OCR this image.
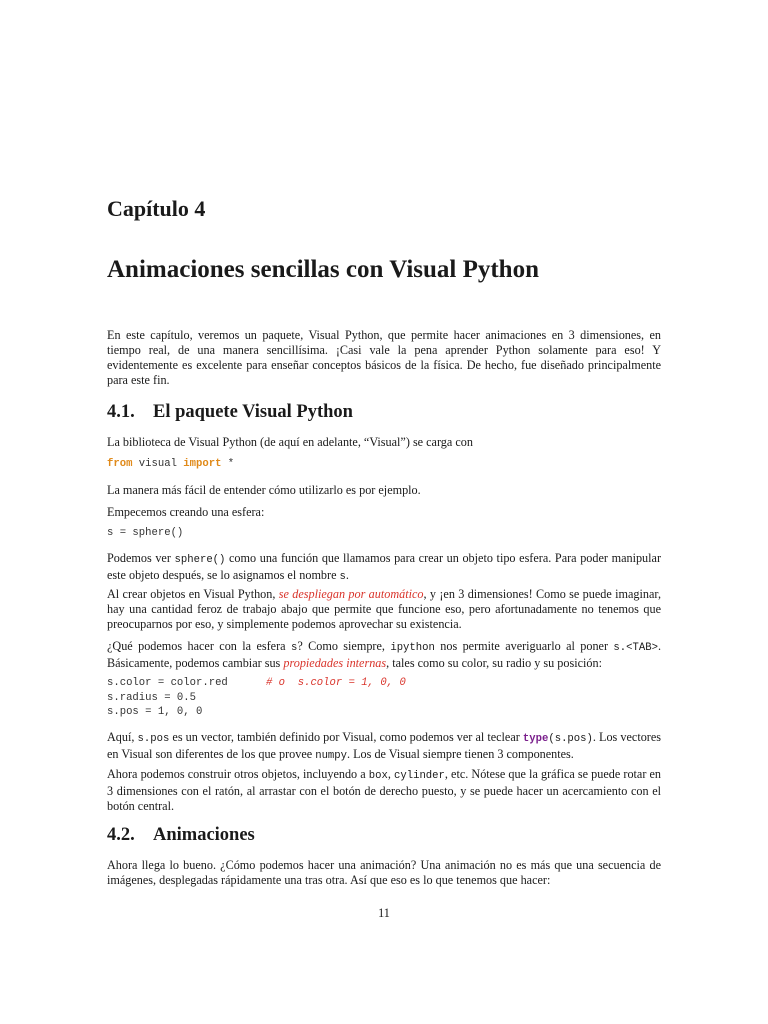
Capítulo 4
Animaciones sencillas con Visual Python

En este capítulo, veremos un paquete, Visual Python, que permite hacer animaciones en 3 dimensiones, en tiempo real, de una manera sencillísima. ¡Casi vale la pena aprender Python solamente para eso! Y evidentemente es excelente para enseñar conceptos básicos de la física. De hecho, fue diseñado principalmente para este fin.

4.1. El paquete Visual Python

La biblioteca de Visual Python (de aquí en adelante, “Visual”) se carga con

from visual import *

La manera más fácil de entender cómo utilizarlo es por ejemplo.

Empecemos creando una esfera:

s = sphere()

Podemos ver sphere() como una función que llamamos para crear un objeto tipo esfera. Para poder manipular este objeto después, se lo asignamos el nombre s.

Al crear objetos en Visual Python, se despliegan por automático, y ¡en 3 dimensiones! Como se puede imaginar, hay una cantidad feroz de trabajo abajo que permite que funcione eso, pero afortunadamente no tenemos que preocuparnos por eso, y simplemente podemos aprovechar su existencia.

¿Qué podemos hacer con la esfera s? Como siempre, ipython nos permite averiguarlo al poner s.<TAB>. Básicamente, podemos cambiar sus propiedades internas, tales como su color, su radio y su posición:

s.color = color.red	# o  s.color = 1, 0, 0
s.radius = 0.5
s.pos = 1, 0, 0

Aquí, s.pos es un vector, también definido por Visual, como podemos ver al teclear type(s.pos). Los vectores en Visual son diferentes de los que provee numpy. Los de Visual siempre tienen 3 componentes.

Ahora podemos construir otros objetos, incluyendo a box, cylinder, etc. Nótese que la gráfica se puede rotar en 3 dimensiones con el ratón, al arrastar con el botón de derecho puesto, y se puede hacer un acercamiento con el botón central.

4.2. Animaciones

Ahora llega lo bueno. ¿Cómo podemos hacer una animación? Una animación no es más que una secuencia de imágenes, desplegadas rápidamente una tras otra. Así que eso es lo que tenemos que hacer:

11
